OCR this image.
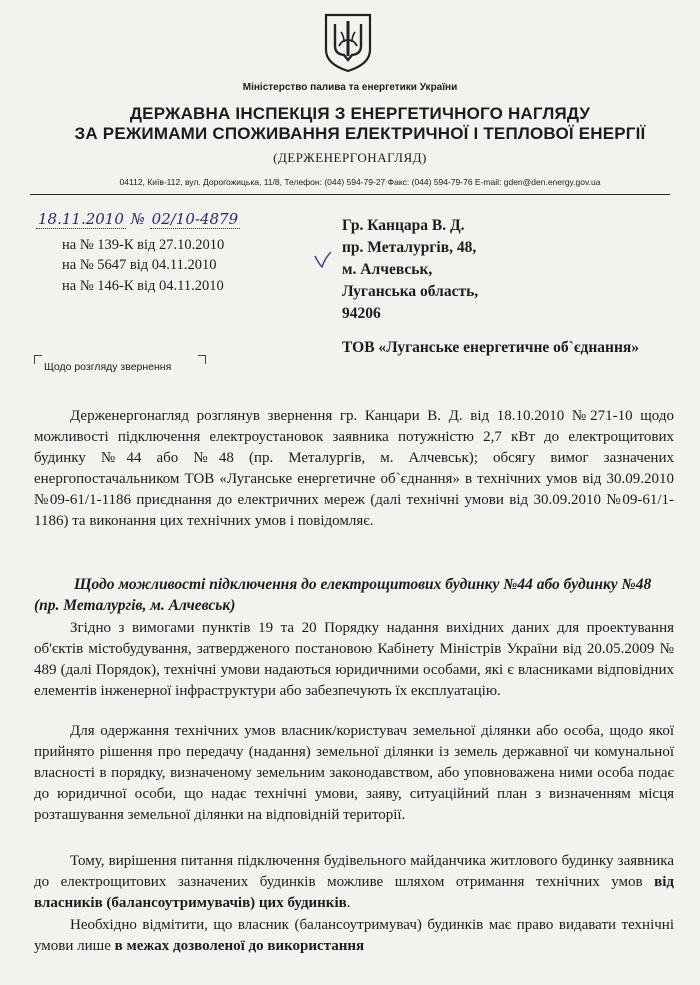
Міністерство палива та енергетики України
ДЕРЖАВНА ІНСПЕКЦІЯ З ЕНЕРГЕТИЧНОГО НАГЛЯДУ
ЗА РЕЖИМАМИ СПОЖИВАННЯ ЕЛЕКТРИЧНОЇ І ТЕПЛОВОЇ ЕНЕРГІЇ
(ДЕРЖЕНЕРГОНАГЛЯД)
04112, Київ-112, вул. Дорогожицька, 11/8, Телефон: (044) 594-79-27 Факс: (044) 594-79-76 E-mail: gden@den.energy.gov.ua
18.11.2010 № 02/10-4879
на № 139-К від 27.10.2010
на № 5647 від 04.11.2010
на № 146-К від 04.11.2010
Гр. Канцара В. Д.
пр. Металургів, 48,
м. Алчевськ,
Луганська область,
94206
ТОВ «Луганське енергетичне об`єднання»
Щодо розгляду звернення

Держенергонагляд розглянув звернення гр. Канцари В. Д. від 18.10.2010 №271-10 щодо можливості підключення електроустановок заявника потужністю 2,7 кВт до електрощитових будинку №44 або №48 (пр. Металургів, м. Алчевськ); обсягу вимог зазначених енергопостачальником ТОВ «Луганське енергетичне об`єднання» в технічних умов від 30.09.2010 №09-61/1-1186 приєднання до електричних мереж (далі технічні умови від 30.09.2010 №09-61/1-1186) та виконання цих технічних умов і повідомляє.

Щодо можливості підключення до електрощитових будинку №44 або будинку №48 (пр. Металургів, м. Алчевськ)

Згідно з вимогами пунктів 19 та 20 Порядку надання вихідних даних для проектування об'єктів містобудування, затвердженого постановою Кабінету Міністрів України від 20.05.2009 № 489 (далі Порядок), технічні умови надаються юридичними особами, які є власниками відповідних елементів інженерної інфраструктури або забезпечують їх експлуатацію.

Для одержання технічних умов власник/користувач земельної ділянки або особа, щодо якої прийнято рішення про передачу (надання) земельної ділянки із земель державної чи комунальної власності в порядку, визначеному земельним законодавством, або уповноважена ними особа подає до юридичної особи, що надає технічні умови, заяву, ситуаційний план з визначенням місця розташування земельної ділянки на відповідній території.

Тому, вирішення питання підключення будівельного майданчика житлового будинку заявника до електрощитових зазначених будинків можливе шляхом отримання технічних умов від власників (балансоутримувачів) цих будинків.

Необхідно відмітити, що власник (балансоутримувач) будинків має право видавати технічні умови лише в межах дозволеної до використання
